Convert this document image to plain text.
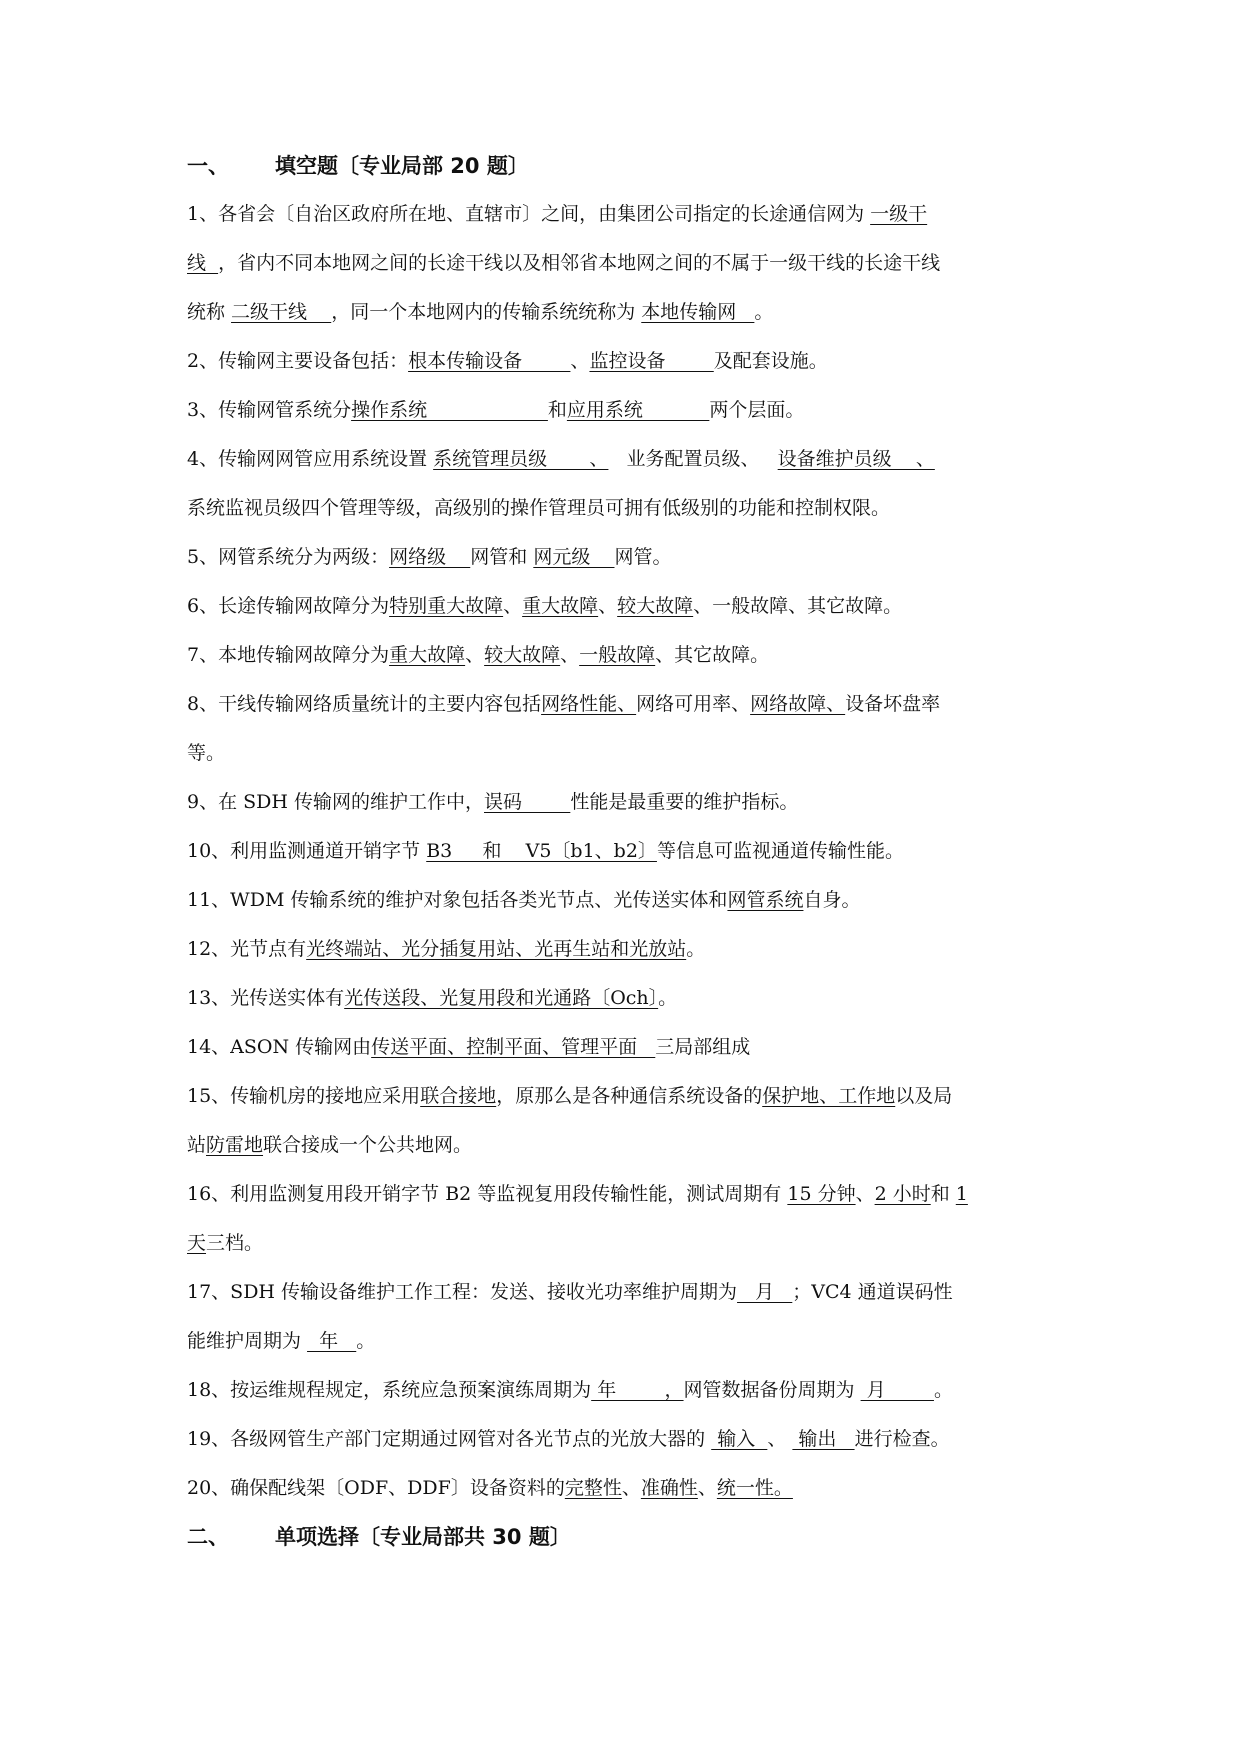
一、 填空题〔专业局部 20 题〕
1、各省会〔自治区政府所在地、直辖市〕之间，由集团公司指定的长途通信网为 一级干
线  ，省内不同本地网之间的长途干线以及相邻省本地网之间的不属于一级干线的长途干线
统称 二级干线    ，同一个本地网内的传输系统统称为 本地传输网   。
2、传输网主要设备包括：根本传输设备        、监控设备        及配套设施。
3、传输网管系统分操作系统                    和应用系统           两个层面。
4、传输网网管应用系统设置 系统管理员级       、   业务配置员级、   设备维护员级    、
系统监视员级四个管理等级，高级别的操作管理员可拥有低级别的功能和控制权限。
5、网管系统分为两级：网络级    网管和 网元级    网管。
6、长途传输网故障分为特别重大故障、重大故障、较大故障、一般故障、其它故障。
7、本地传输网故障分为重大故障、较大故障、一般故障、其它故障。
8、干线传输网络质量统计的主要内容包括网络性能、网络可用率、网络故障、设备坏盘率
等。
9、在 SDH 传输网的维护工作中，误码        性能是最重要的维护指标。
10、利用监测通道开销字节 B3     和    V5〔b1、b2〕等信息可监视通道传输性能。
11、WDM 传输系统的维护对象包括各类光节点、光传送实体和网管系统自身。
12、光节点有光终端站、光分插复用站、光再生站和光放站。
13、光传送实体有光传送段、光复用段和光通路〔Och〕。
14、ASON 传输网由传送平面、控制平面、管理平面   三局部组成
15、传输机房的接地应采用联合接地，原那么是各种通信系统设备的保护地、工作地以及局
站防雷地联合接成一个公共地网。
16、利用监测复用段开销字节 B2 等监视复用段传输性能，测试周期有 15 分钟、2 小时和 1
天三档。
17、SDH 传输设备维护工作工程：发送、接收光功率维护周期为   月   ；VC4 通道误码性
能维护周期为   年   。
18、按运维规程规定，系统应急预案演练周期为 年        ，网管数据备份周期为  月        。
19、各级网管生产部门定期通过网管对各光节点的光放大器的  输入  、  输出   进行检查。
20、确保配线架〔ODF、DDF〕设备资料的完整性、准确性、统一性。
二、 单项选择〔专业局部共 30 题〕
